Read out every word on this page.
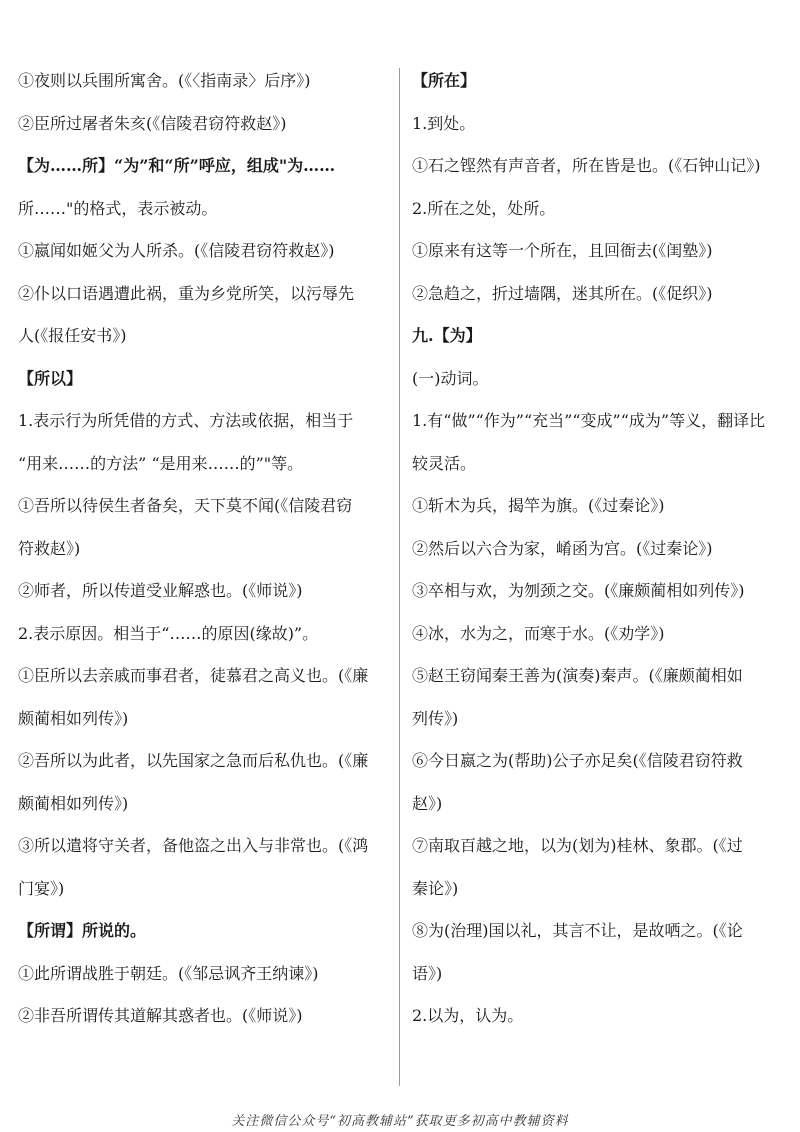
①夜则以兵围所寓舍。(《〈指南录〉后序》)
②臣所过屠者朱亥(《信陵君窃符救赵》)
【为……所】“为”和“所”呼应，组成"为……
所……"的格式，表示被动。
①嬴闻如姬父为人所杀。(《信陵君窃符救赵》)
②仆以口语遇遭此祸，重为乡党所笑，以污辱先
人(《报任安书》)
【所以】
1.表示行为所凭借的方式、方法或依据，相当于
“用来……的方法” “是用来……的”"等。
①吾所以待侯生者备矣，天下莫不闻(《信陵君窃
符救赵》)
②师者，所以传道受业解惑也。(《师说》)
2.表示原因。相当于“……的原因(缘故)”。
①臣所以去亲戚而事君者，徒慕君之高义也。(《廉
颇蔺相如列传》)
②吾所以为此者，以先国家之急而后私仇也。(《廉
颇蔺相如列传》)
③所以遣将守关者，备他盗之出入与非常也。(《鸿
门宴》)
【所谓】所说的。
①此所谓战胜于朝廷。(《邹忌讽齐王纳谏》)
②非吾所谓传其道解其惑者也。(《师说》)
【所在】
1.到处。
①石之铿然有声音者，所在皆是也。(《石钟山记》)
2.所在之处，处所。
①原来有这等一个所在，且回衙去(《闺塾》)
②急趋之，折过墙隅，迷其所在。(《促织》)
九.【为】
(一)动词。
1.有“做”“作为”“充当”“变成”“成为”等义，翻译比
较灵活。
①斩木为兵，揭竿为旗。(《过秦论》)
②然后以六合为家，崤函为宫。(《过秦论》)
③卒相与欢，为刎颈之交。(《廉颇蔺相如列传》)
④冰，水为之，而寒于水。(《劝学》)
⑤赵王窃闻秦王善为(演奏)秦声。(《廉颇蔺相如
列传》)
⑥今日嬴之为(帮助)公子亦足矣(《信陵君窃符救
赵》)
⑦南取百越之地，以为(划为)桂林、象郡。(《过
秦论》)
⑧为(治理)国以礼，其言不让，是故哂之。(《论
语》)
2.以为，认为。
关注微信公众号“初高教辅站”获取更多初高中教辅资料
